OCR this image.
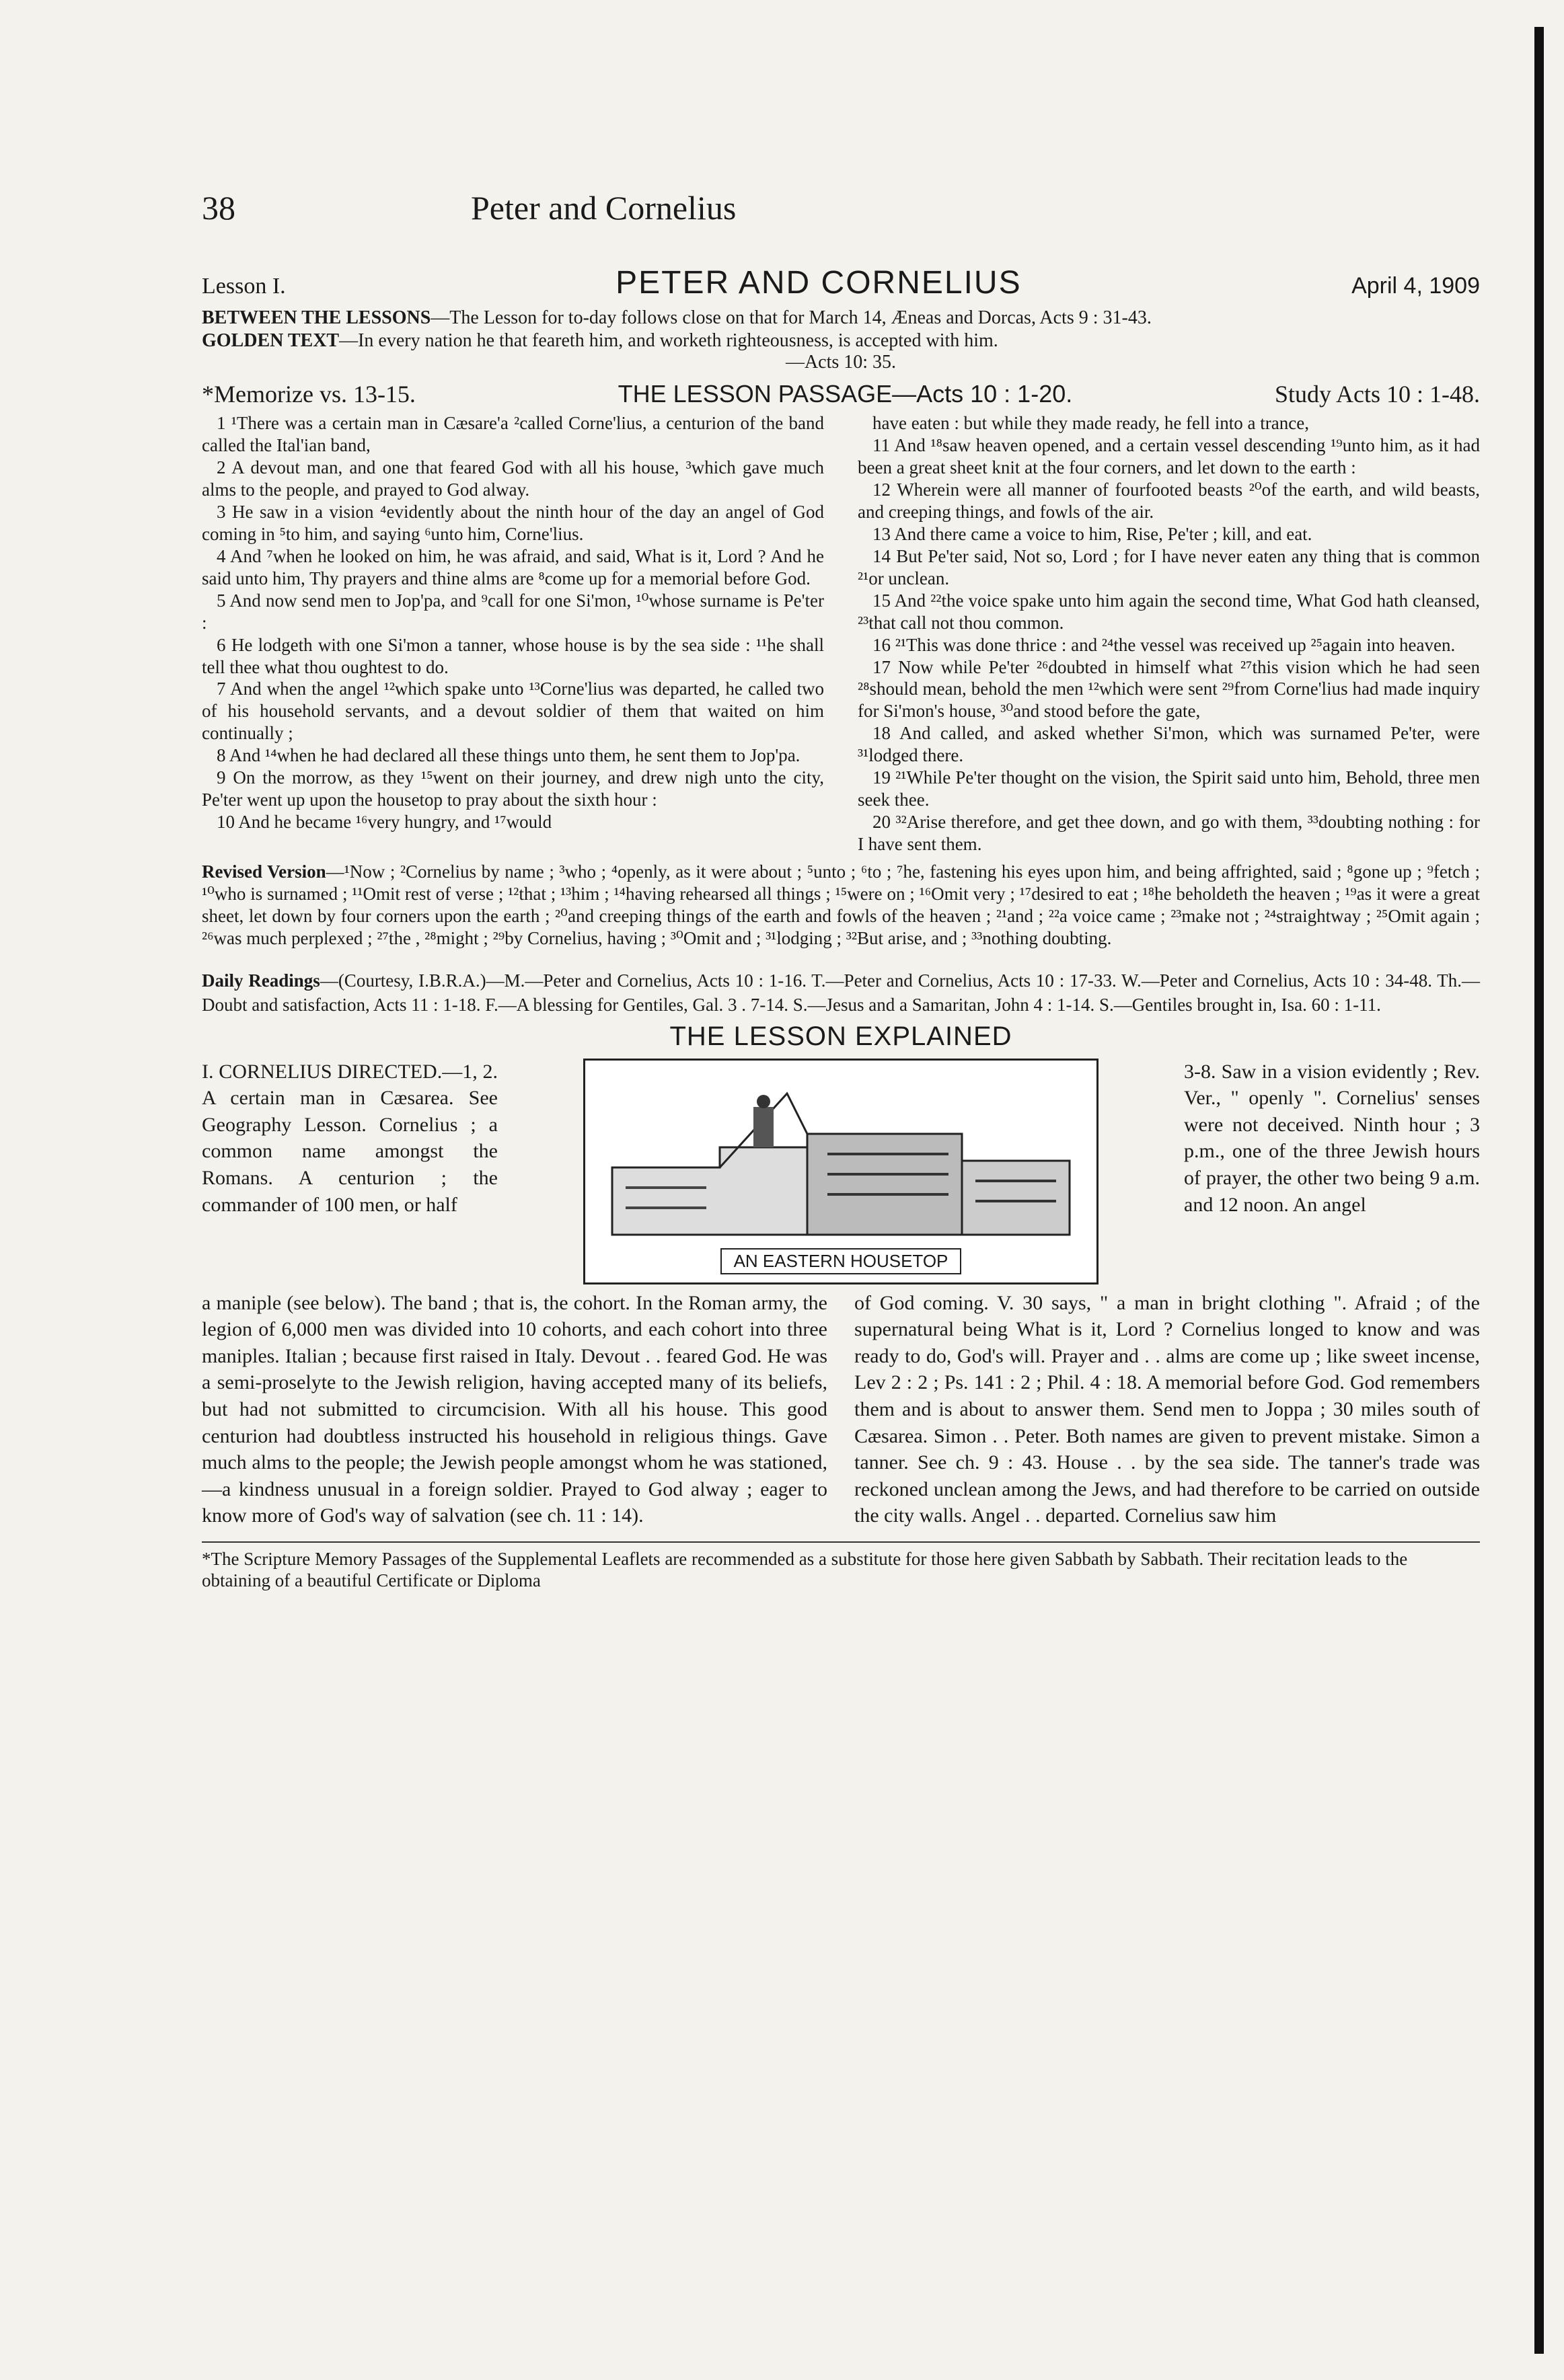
38	Peter and Cornelius
Lesson I.	PETER AND CORNELIUS	April 4, 1909

BETWEEN THE LESSONS—The Lesson for to-day follows close on that for March 14, Æneas and Dorcas, Acts 9 : 31-43.

GOLDEN TEXT—In every nation he that feareth him, and worketh righteousness, is accepted with him.

—Acts 10: 35.
*Memorize vs. 13-15.	THE LESSON PASSAGE—Acts 10 : 1-20.	Study Acts 10 : 1-48.

1 ¹There was a certain man in Cæsare'a ²called Corne'lius, a centurion of the band called the Ital'ian band,

2 A devout man, and one that feared God with all his house, ³which gave much alms to the people, and prayed to God alway.

3 He saw in a vision ⁴evidently about the ninth hour of the day an angel of God coming in ⁵to him, and saying ⁶unto him, Corne'lius.

4 And ⁷when he looked on him, he was afraid, and said, What is it, Lord ? And he said unto him, Thy prayers and thine alms are ⁸come up for a memorial before God.

5 And now send men to Jop'pa, and ⁹call for one Si'mon, ¹⁰whose surname is Pe'ter :

6 He lodgeth with one Si'mon a tanner, whose house is by the sea side : ¹¹he shall tell thee what thou oughtest to do.

7 And when the angel ¹²which spake unto ¹³Corne'lius was departed, he called two of his household servants, and a devout soldier of them that waited on him continually ;

8 And ¹⁴when he had declared all these things unto them, he sent them to Jop'pa.

9 On the morrow, as they ¹⁵went on their journey, and drew nigh unto the city, Pe'ter went up upon the housetop to pray about the sixth hour :

10 And he became ¹⁶very hungry, and ¹⁷would

have eaten : but while they made ready, he fell into a trance,

11 And ¹⁸saw heaven opened, and a certain vessel descending ¹⁹unto him, as it had been a great sheet knit at the four corners, and let down to the earth :

12 Wherein were all manner of fourfooted beasts ²⁰of the earth, and wild beasts, and creeping things, and fowls of the air.

13 And there came a voice to him, Rise, Pe'ter ; kill, and eat.

14 But Pe'ter said, Not so, Lord ; for I have never eaten any thing that is common ²¹or unclean.

15 And ²²the voice spake unto him again the second time, What God hath cleansed, ²³that call not thou common.

16 ²¹This was done thrice : and ²⁴the vessel was received up ²⁵again into heaven.

17 Now while Pe'ter ²⁶doubted in himself what ²⁷this vision which he had seen ²⁸should mean, behold the men ¹²which were sent ²⁹from Corne'lius had made inquiry for Si'mon's house, ³⁰and stood before the gate,

18 And called, and asked whether Si'mon, which was surnamed Pe'ter, were ³¹lodged there.

19 ²¹While Pe'ter thought on the vision, the Spirit said unto him, Behold, three men seek thee.

20 ³²Arise therefore, and get thee down, and go with them, ³³doubting nothing : for I have sent them.

Revised Version—¹Now ; ²Cornelius by name ; ³who ; ⁴openly, as it were about ; ⁵unto ; ⁶to ; ⁷he, fastening his eyes upon him, and being affrighted, said ; ⁸gone up ; ⁹fetch ; ¹⁰who is surnamed ; ¹¹Omit rest of verse ; ¹²that ; ¹³him ; ¹⁴having rehearsed all things ; ¹⁵were on ; ¹⁶Omit very ; ¹⁷desired to eat ; ¹⁸he beholdeth the heaven ; ¹⁹as it were a great sheet, let down by four corners upon the earth ; ²⁰and creeping things of the earth and fowls of the heaven ; ²¹and ; ²²a voice came ; ²³make not ; ²⁴straightway ; ²⁵Omit again ; ²⁶was much perplexed ; ²⁷the , ²⁸might ; ²⁹by Cornelius, having ; ³⁰Omit and ; ³¹lodging ; ³²But arise, and ; ³³nothing doubting.

Daily Readings—(Courtesy, I.B.R.A.)—M.—Peter and Cornelius, Acts 10 : 1-16. T.—Peter and Cornelius, Acts 10 : 17-33. W.—Peter and Cornelius, Acts 10 : 34-48. Th.—Doubt and satisfaction, Acts 11 : 1-18. F.—A blessing for Gentiles, Gal. 3 . 7-14. S.—Jesus and a Samaritan, John 4 : 1-14. S.—Gentiles brought in, Isa. 60 : 1-11.

THE LESSON EXPLAINED
I. CORNELIUS DIRECTED.—1, 2. A certain man in Cæsarea. See Geography Lesson. Cornelius ; a common name amongst the Romans. A centurion ; the commander of 100 men, or half
AN EASTERN HOUSETOP
3-8. Saw in a vision evidently ; Rev. Ver., " openly ". Cornelius' senses were not deceived. Ninth hour ; 3 p.m., one of the three Jewish hours of prayer, the other two being 9 a.m. and 12 noon. An angel
a maniple (see below). The band ; that is, the cohort. In the Roman army, the legion of 6,000 men was divided into 10 cohorts, and each cohort into three maniples. Italian ; because first raised in Italy. Devout . . feared God. He was a semi-proselyte to the Jewish religion, having accepted many of its beliefs, but had not submitted to circumcision. With all his house. This good centurion had doubtless instructed his household in religious things. Gave much alms to the people; the Jewish people amongst whom he was stationed,—a kindness unusual in a foreign soldier. Prayed to God alway ; eager to know more of God's way of salvation (see ch. 11 : 14).
of God coming. V. 30 says, " a man in bright clothing ". Afraid ; of the supernatural being What is it, Lord ? Cornelius longed to know and was ready to do, God's will. Prayer and . . alms are come up ; like sweet incense, Lev 2 : 2 ; Ps. 141 : 2 ; Phil. 4 : 18. A memorial before God. God remembers them and is about to answer them. Send men to Joppa ; 30 miles south of Cæsarea. Simon . . Peter. Both names are given to prevent mistake. Simon a tanner. See ch. 9 : 43. House . . by the sea side. The tanner's trade was reckoned unclean among the Jews, and had therefore to be carried on outside the city walls. Angel . . departed. Cornelius saw him
*The Scripture Memory Passages of the Supplemental Leaflets are recommended as a substitute for those here given Sabbath by Sabbath. Their recitation leads to the obtaining of a beautiful Certificate or Diploma
